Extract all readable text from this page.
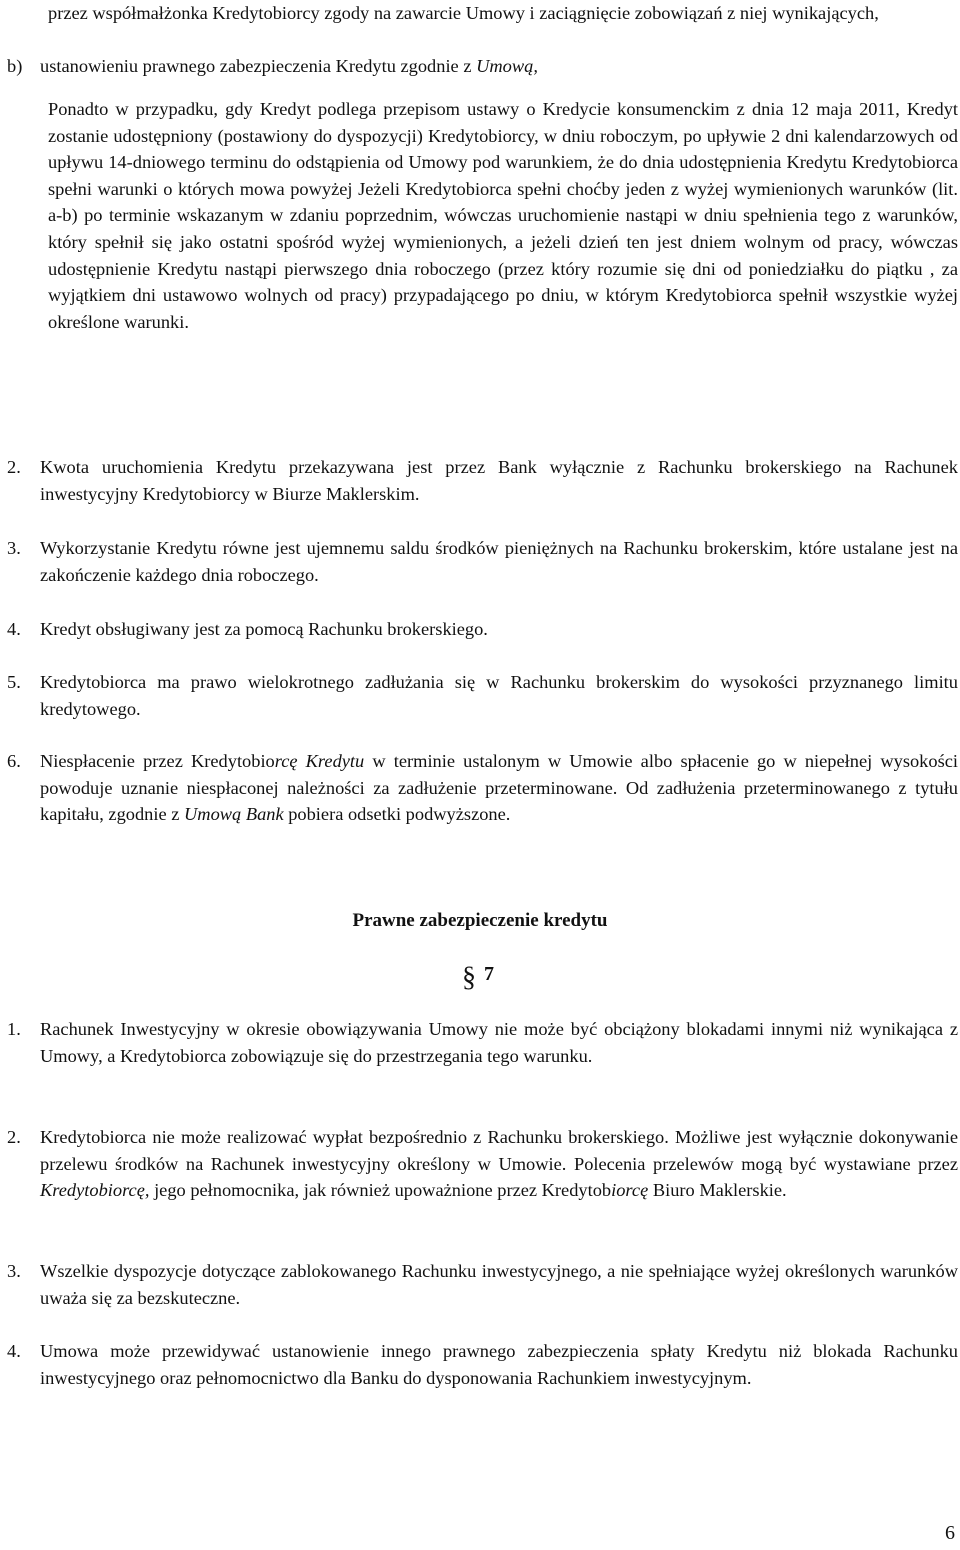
przez współmałżonka Kredytobiorcy zgody na zawarcie Umowy i zaciągnięcie zobowiązań z niej wynikających,

b) ustanowieniu prawnego zabezpieczenia Kredytu zgodnie z Umową,

Ponadto w przypadku, gdy Kredyt podlega przepisom ustawy o Kredycie konsumenckim z dnia 12 maja 2011, Kredyt zostanie udostępniony (postawiony do dyspozycji) Kredytobiorcy, w dniu roboczym, po upływie 2 dni kalendarzowych od upływu 14-dniowego terminu do odstąpienia od Umowy pod warunkiem, że do dnia udostępnienia Kredytu Kredytobiorca spełni warunki o których mowa powyżej Jeżeli Kredytobiorca spełni choćby jeden z wyżej wymienionych warunków (lit. a-b) po terminie wskazanym w zdaniu poprzednim, wówczas uruchomienie nastąpi w dniu spełnienia tego z warunków, który spełnił się jako ostatni spośród wyżej wymienionych, a jeżeli dzień ten jest dniem wolnym od pracy, wówczas udostępnienie Kredytu nastąpi pierwszego dnia roboczego (przez który rozumie się dni od poniedziałku do piątku , za wyjątkiem dni ustawowo wolnych od pracy) przypadającego po dniu, w którym Kredytobiorca spełnił wszystkie wyżej określone warunki.

2. Kwota uruchomienia Kredytu przekazywana jest przez Bank wyłącznie z Rachunku brokerskiego na Rachunek inwestycyjny Kredytobiorcy w Biurze Maklerskim.

3. Wykorzystanie Kredytu równe jest ujemnemu saldu środków pieniężnych na Rachunku brokerskim, które ustalane jest na zakończenie każdego dnia roboczego.

4. Kredyt obsługiwany jest za pomocą Rachunku brokerskiego.

5. Kredytobiorca ma prawo wielokrotnego zadłużania się w Rachunku brokerskim do wysokości przyznanego limitu kredytowego.

6. Niespłacenie przez Kredytobiorcę Kredytu w terminie ustalonym w Umowie albo spłacenie go w niepełnej wysokości powoduje uznanie niespłaconej należności za zadłużenie przeterminowane. Od zadłużenia przeterminowanego z tytułu kapitału, zgodnie z Umową Bank pobiera odsetki podwyższone.

Prawne zabezpieczenie kredytu
§ 7

1. Rachunek Inwestycyjny w okresie obowiązywania Umowy nie może być obciążony blokadami innymi niż wynikająca z Umowy, a Kredytobiorca zobowiązuje się do przestrzegania tego warunku.

2. Kredytobiorca nie może realizować wypłat bezpośrednio z Rachunku brokerskiego. Możliwe jest wyłącznie dokonywanie przelewu środków na Rachunek inwestycyjny określony w Umowie. Polecenia przelewów mogą być wystawiane przez Kredytobiorcę, jego pełnomocnika, jak również upoważnione przez Kredytobiorcę Biuro Maklerskie.

3. Wszelkie dyspozycje dotyczące zablokowanego Rachunku inwestycyjnego, a nie spełniające wyżej określonych warunków uważa się za bezskuteczne.

4. Umowa może przewidywać ustanowienie innego prawnego zabezpieczenia spłaty Kredytu niż blokada Rachunku inwestycyjnego oraz pełnomocnictwo dla Banku do dysponowania Rachunkiem inwestycyjnym.

6
